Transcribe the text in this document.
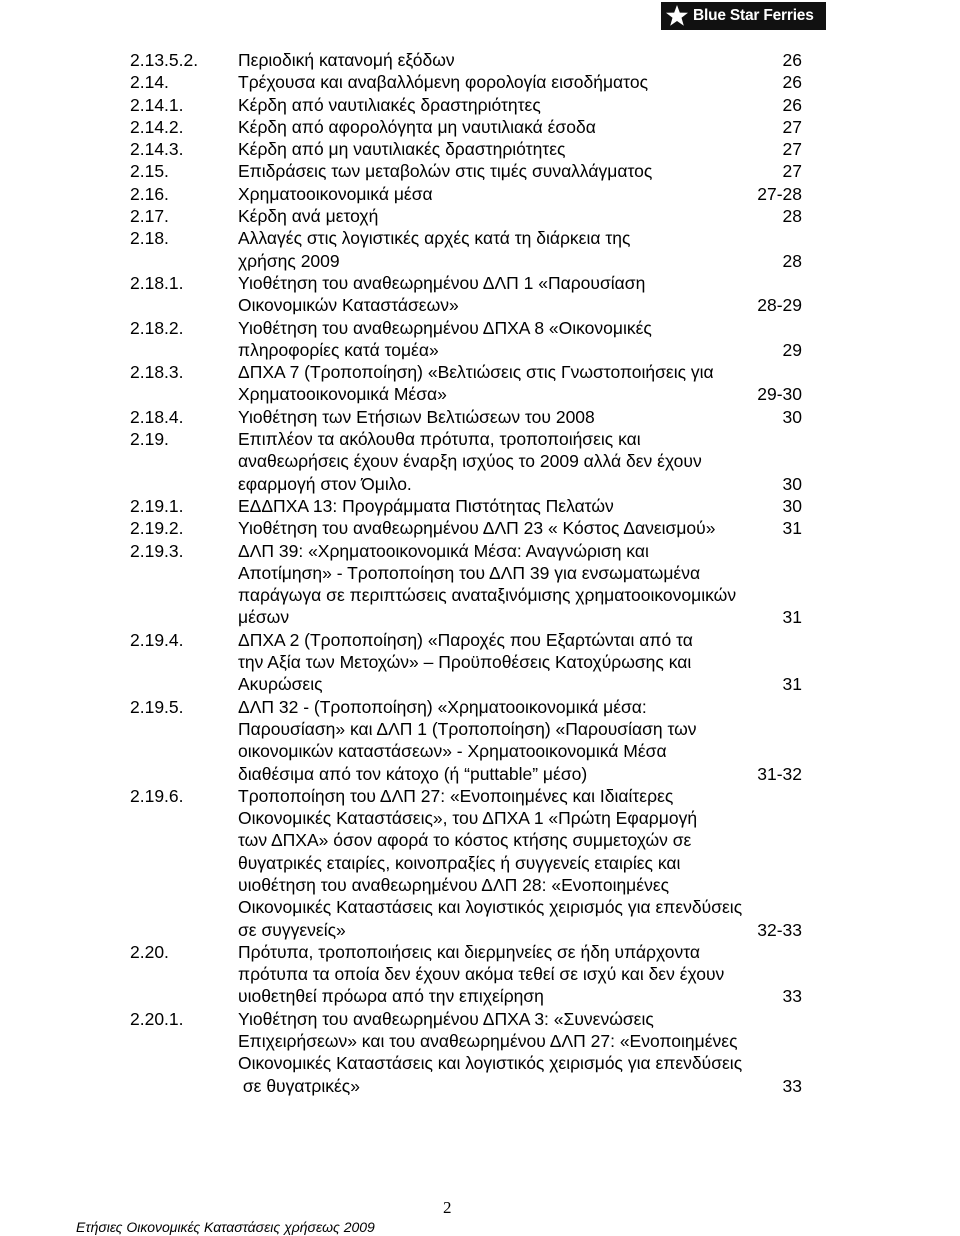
Blue Star Ferries
2.13.5.2.	Περιοδική κατανομή εξόδων	26
2.14.	Τρέχουσα και αναβαλλόμενη φορολογία εισοδήματος	26
2.14.1.	Κέρδη από ναυτιλιακές δραστηριότητες	26
2.14.2.	Κέρδη από αφορολόγητα μη ναυτιλιακά έσοδα	27
2.14.3.	Κέρδη από μη ναυτιλιακές δραστηριότητες	27
2.15.	Επιδράσεις των μεταβολών στις τιμές συναλλάγματος	27
2.16.	Χρηματοοικονομικά μέσα	27-28
2.17.	Κέρδη ανά μετοχή	28
2.18.	Αλλαγές στις λογιστικές αρχές κατά τη διάρκεια της
χρήσης 2009	28
2.18.1.	Υιοθέτηση του αναθεωρημένου ΔΛΠ 1 «Παρουσίαση
Οικονομικών Καταστάσεων»	28-29
2.18.2.	Υιοθέτηση του αναθεωρημένου ΔΠΧΑ 8 «Οικονομικές
πληροφορίες κατά τομέα»	29
2.18.3.	ΔΠΧΑ 7 (Τροποποίηση) «Βελτιώσεις στις Γνωστοποιήσεις για
Χρηματοοικονομικά Μέσα»	29-30
2.18.4.	Υιοθέτηση των Ετήσιων Βελτιώσεων του 2008	30
2.19.	Επιπλέον τα ακόλουθα πρότυπα, τροποποιήσεις και
αναθεωρήσεις έχουν έναρξη ισχύος το 2009 αλλά δεν έχουν
εφαρμογή στον Όμιλο.	30
2.19.1.	ΕΔΔΠΧΑ 13: Προγράμματα Πιστότητας Πελατών	30
2.19.2.	Υιοθέτηση του αναθεωρημένου ΔΛΠ 23 « Κόστος Δανεισμού»	31
2.19.3.	ΔΛΠ 39: «Χρηματοοικονομικά Μέσα: Αναγνώριση και
Αποτίμηση» - Τροποποίηση του ΔΛΠ 39 για ενσωματωμένα
παράγωγα σε περιπτώσεις αναταξινόμισης χρηματοοικονομικών
μέσων	31
2.19.4.	ΔΠΧΑ 2 (Τροποποίηση) «Παροχές που Εξαρτώνται από τα
την Αξία των Μετοχών» – Προϋποθέσεις Κατοχύρωσης και
Ακυρώσεις	31
2.19.5.	ΔΛΠ 32 - (Τροποποίηση) «Χρηματοοικονομικά μέσα:
Παρουσίαση» και ΔΛΠ 1 (Τροποποίηση) «Παρουσίαση των
οικονομικών καταστάσεων» - Χρηματοοικονομικά Μέσα
διαθέσιμα από τον κάτοχο (ή “puttable” μέσο)	31-32
2.19.6.	Τροποποίηση του ΔΛΠ 27: «Ενοποιημένες και Ιδιαίτερες
Οικονομικές Καταστάσεις», του ΔΠΧΑ 1 «Πρώτη Εφαρμογή
των ΔΠΧΑ» όσον αφορά το κόστος κτήσης συμμετοχών σε
θυγατρικές εταιρίες, κοινοπραξίες ή συγγενείς εταιρίες και
υιοθέτηση του αναθεωρημένου ΔΛΠ 28: «Ενοποιημένες
Οικονομικές Καταστάσεις και λογιστικός χειρισμός για επενδύσεις
σε συγγενείς»	32-33
2.20.	Πρότυπα, τροποποιήσεις και διερμηνείες σε ήδη υπάρχοντα
πρότυπα τα οποία δεν έχουν ακόμα τεθεί σε ισχύ και δεν έχουν
υιοθετηθεί πρόωρα από την επιχείρηση	33
2.20.1.	Υιοθέτηση του αναθεωρημένου ΔΠΧΑ 3: «Συνενώσεις
Επιχειρήσεων» και του αναθεωρημένου ΔΛΠ 27: «Ενοποιημένες
Οικονομικές Καταστάσεις και λογιστικός χειρισμός για επενδύσεις
σε θυγατρικές»	33
2
Ετήσιες Οικονομικές Καταστάσεις χρήσεως 2009
